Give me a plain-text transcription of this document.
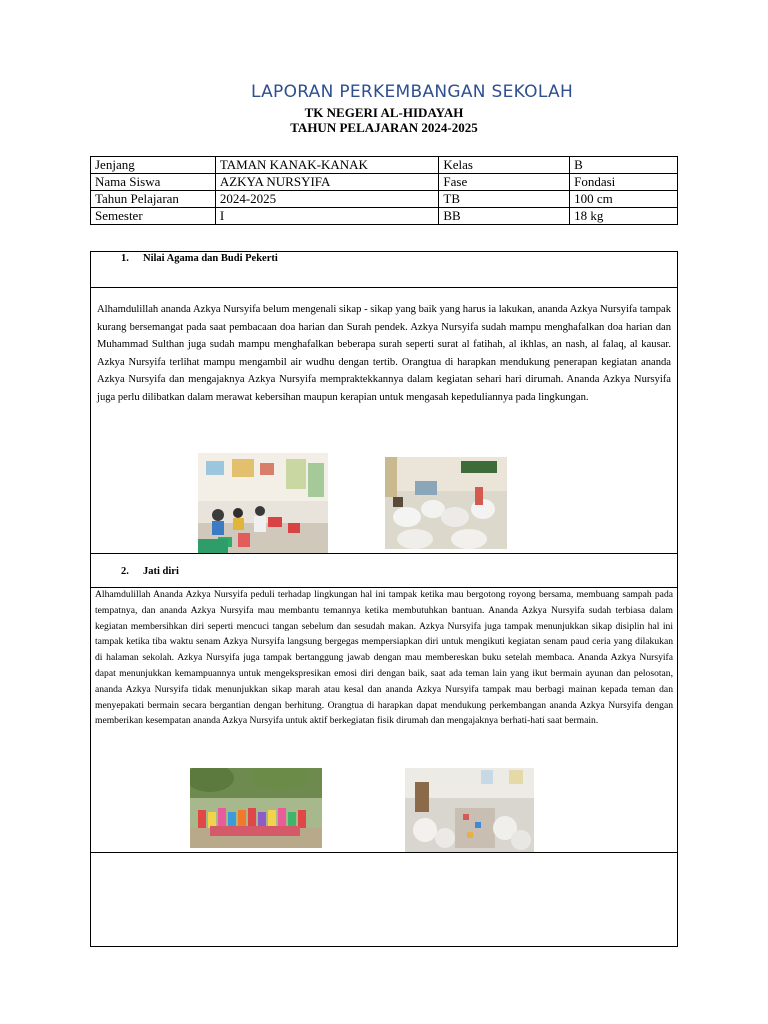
LAPORAN PERKEMBANGAN SEKOLAH
TK NEGERI AL-HIDAYAH
TAHUN PELAJARAN 2024-2025
Jenjang	TAMAN KANAK-KANAK	Kelas	B
Nama Siswa	AZKYA NURSYIFA	Fase	Fondasi
Tahun Pelajaran	2024-2025	TB	100 cm
Semester	I	BB	18 kg
1. Nilai Agama dan Budi Pekerti
Alhamdulillah ananda Azkya Nursyifa belum mengenali sikap - sikap yang baik yang harus ia lakukan, ananda Azkya Nursyifa tampak kurang bersemangat pada saat pembacaan doa harian dan Surah pendek. Azkya Nursyifa sudah mampu menghafalkan doa harian dan Muhammad Sulthan juga sudah mampu menghafalkan beberapa surah seperti surat al fatihah, al ikhlas, an nash, al falaq, al kausar. Azkya Nursyifa terlihat mampu mengambil air wudhu dengan tertib. Orangtua di harapkan mendukung penerapan kegiatan ananda Azkya Nursyifa dan mengajaknya Azkya Nursyifa mempraktekkannya dalam kegiatan sehari hari dirumah. Ananda Azkya Nursyifa juga perlu dilibatkan dalam merawat kebersihan maupun kerapian untuk mengasah kepeduliannya pada lingkungan.
2. Jati diri
Alhamdulillah Ananda Azkya Nursyifa peduli terhadap lingkungan hal ini tampak ketika mau bergotong royong bersama, membuang sampah pada tempatnya, dan ananda Azkya Nursyifa mau membantu temannya ketika membutuhkan bantuan. Ananda Azkya Nursyifa sudah terbiasa dalam kegiatan membersihkan diri seperti mencuci tangan sebelum dan sesudah makan. Azkya Nursyifa juga tampak menunjukkan sikap disiplin hal ini tampak ketika tiba waktu senam Azkya Nursyifa langsung bergegas mempersiapkan diri untuk mengikuti kegiatan senam paud ceria yang dilakukan di halaman sekolah. Azkya Nursyifa juga tampak bertanggung jawab dengan mau membereskan buku setelah membaca. Ananda Azkya Nursyifa dapat menunjukkan kemampuannya untuk mengekspresikan emosi diri dengan baik, saat ada teman lain yang ikut bermain ayunan dan pelosotan, ananda Azkya Nursyifa tidak menunjukkan sikap marah atau kesal dan ananda Azkya Nursyifa tampak mau berbagi mainan kepada teman dan menyepakati bermain secara bergantian dengan berhitung. Orangtua di harapkan dapat mendukung perkembangan ananda Azkya Nursyifa dengan memberikan kesempatan ananda Azkya Nursyifa untuk aktif berkegiatan fisik dirumah dan mengajaknya berhati-hati saat bermain.
